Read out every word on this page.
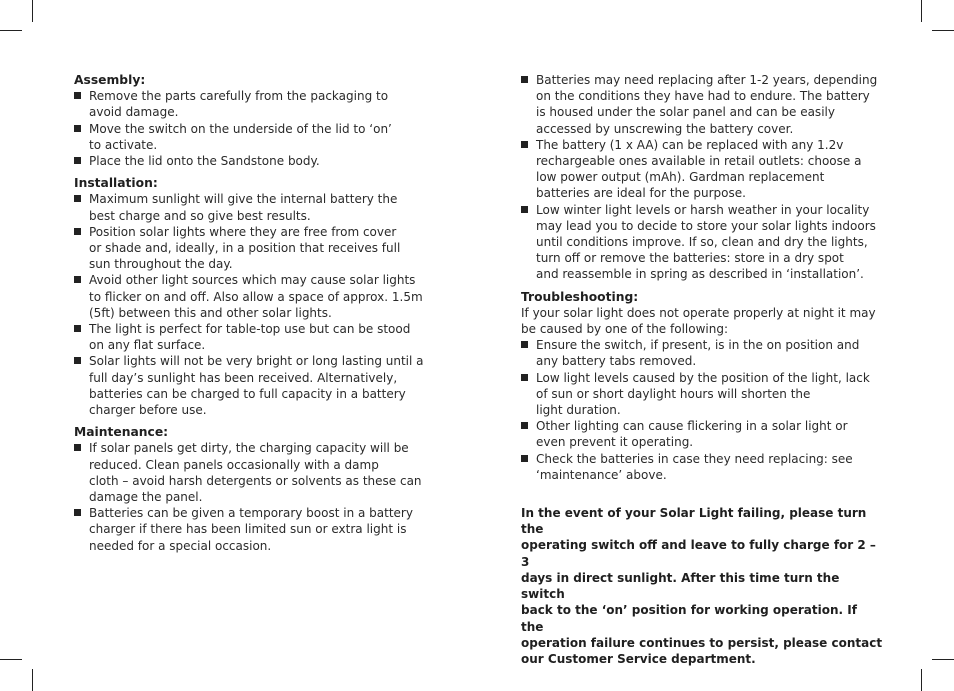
Assembly:

Remove the parts carefully from the packaging to
avoid damage.
Move the switch on the underside of the lid to ‘on’
to activate.
Place the lid onto the Sandstone body.

Installation:

Maximum sunlight will give the internal battery the
best charge and so give best results.
Position solar lights where they are free from cover
or shade and, ideally, in a position that receives full
sun throughout the day.
Avoid other light sources which may cause solar lights
to flicker on and off. Also allow a space of approx. 1.5m
(5ft) between this and other solar lights.
The light is perfect for table-top use but can be stood
on any flat surface.
Solar lights will not be very bright or long lasting until a
full day’s sunlight has been received. Alternatively,
batteries can be charged to full capacity in a battery
charger before use.

Maintenance:

If solar panels get dirty, the charging capacity will be
reduced. Clean panels occasionally with a damp
cloth – avoid harsh detergents or solvents as these can
damage the panel.
Batteries can be given a temporary boost in a battery
charger if there has been limited sun or extra light is
needed for a special occasion.
Batteries may need replacing after 1-2 years, depending
on the conditions they have had to endure. The battery
is housed under the solar panel and can be easily
accessed by unscrewing the battery cover.
The battery (1 x AA) can be replaced with any 1.2v
rechargeable ones available in retail outlets: choose a
low power output (mAh). Gardman replacement
batteries are ideal for the purpose.
Low winter light levels or harsh weather in your locality
may lead you to decide to store your solar lights indoors
until conditions improve. If so, clean and dry the lights,
turn off or remove the batteries: store in a dry spot
and reassemble in spring as described in ‘installation’.

Troubleshooting:

If your solar light does not operate properly at night it may
be caused by one of the following:

Ensure the switch, if present, is in the on position and
any battery tabs removed.
Low light levels caused by the position of the light, lack
of sun or short daylight hours will shorten the
light duration.
Other lighting can cause flickering in a solar light or
even prevent it operating.
Check the batteries in case they need replacing: see
‘maintenance’ above.

In the event of your Solar Light failing, please turn the
operating switch off and leave to fully charge for 2 – 3
days in direct sunlight. After this time turn the switch
back to the ‘on’ position for working operation. If the
operation failure continues to persist, please contact
our Customer Service department.
